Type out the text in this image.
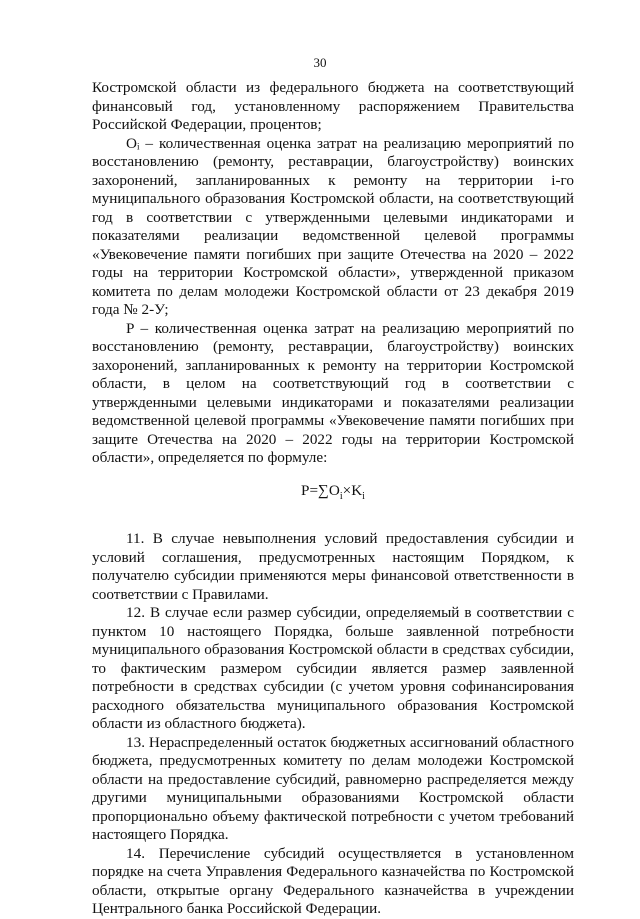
30

Костромской области из федерального бюджета на соответствующий финансовый год, установленному распоряжением Правительства Российской Федерации, процентов;

Oᵢ – количественная оценка затрат на реализацию мероприятий по восстановлению (ремонту, реставрации, благоустройству) воинских захоронений, запланированных к ремонту на территории i-го муниципального образования Костромской области, на соответствующий год в соответствии с утвержденными целевыми индикаторами и показателями реализации ведомственной целевой программы «Увековечение памяти погибших при защите Отечества на 2020 – 2022 годы на территории Костромской области», утвержденной приказом комитета по делам молодежи Костромской области от 23 декабря 2019 года № 2-У;

P – количественная оценка затрат на реализацию мероприятий по восстановлению (ремонту, реставрации, благоустройству) воинских захоронений, запланированных к ремонту на территории Костромской области, в целом на соответствующий год в соответствии с утвержденными целевыми индикаторами и показателями реализации ведомственной целевой программы «Увековечение памяти погибших при защите Отечества на 2020 – 2022 годы на территории Костромской области», определяется по формуле:

$P=\sum O_i\times K_i$

11. В случае невыполнения условий предоставления субсидии и условий соглашения, предусмотренных настоящим Порядком, к получателю субсидии применяются меры финансовой ответственности в соответствии с Правилами.

12. В случае если размер субсидии, определяемый в соответствии с пунктом 10 настоящего Порядка, больше заявленной потребности муниципального образования Костромской области в средствах субсидии, то фактическим размером субсидии является размер заявленной потребности в средствах субсидии (с учетом уровня софинансирования расходного обязательства муниципального образования Костромской области из областного бюджета).

13. Нераспределенный остаток бюджетных ассигнований областного бюджета, предусмотренных комитету по делам молодежи Костромской области на предоставление субсидий, равномерно распределяется между другими муниципальными образованиями Костромской области пропорционально объему фактической потребности с учетом требований настоящего Порядка.

14. Перечисление субсидий осуществляется в установленном порядке на счета Управления Федерального казначейства по Костромской области, открытые органу Федерального казначейства в учреждении Центрального банка Российской Федерации.
